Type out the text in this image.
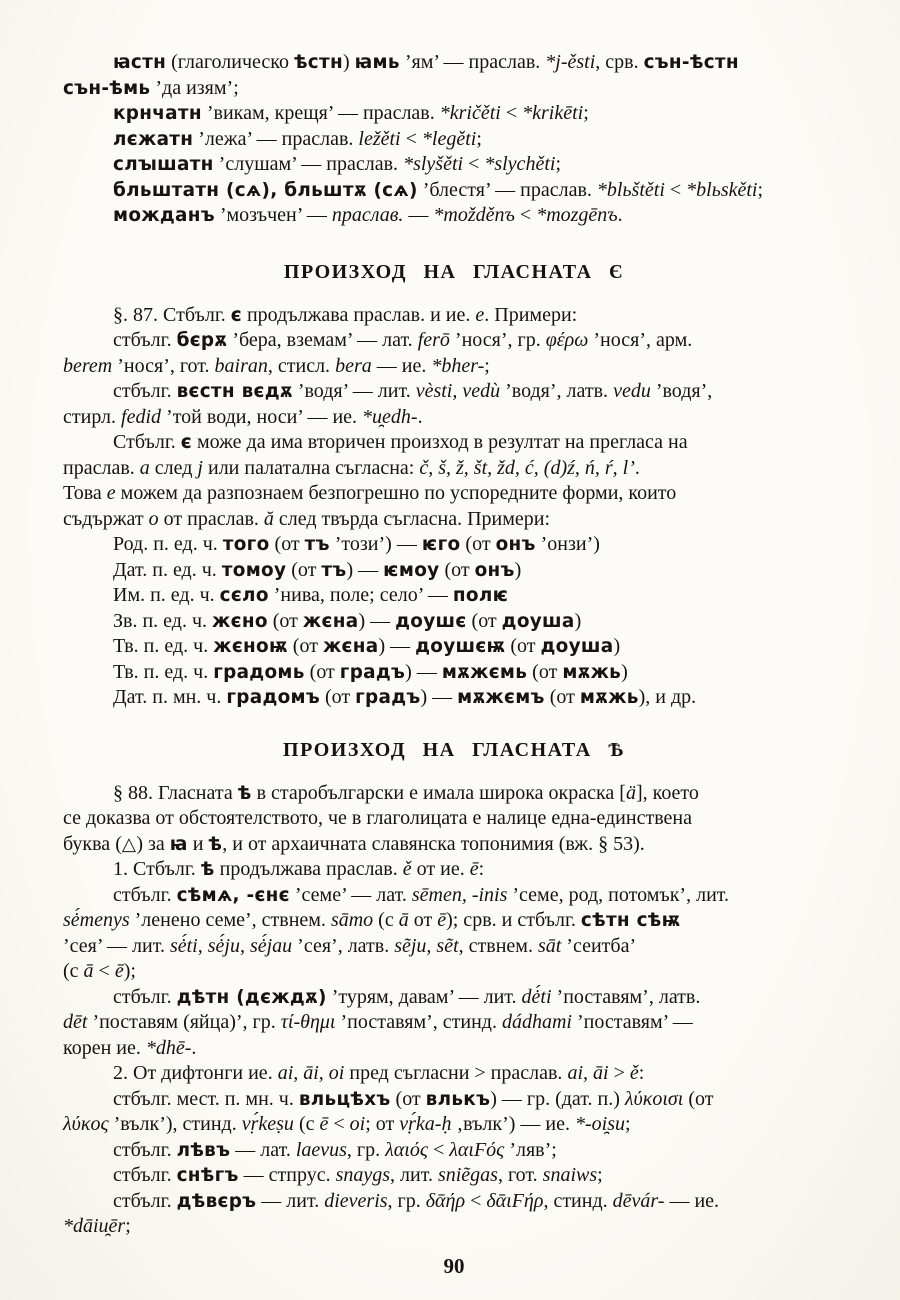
ꙗстн (глаголическо ѣстн) ꙗмь ’ям’ — праслав. *j-ěsti, срв. сън-ѣстн
сън-ѣмь ’да изям’;
крнчатн ’викам, крещя’ — праслав. *kričěti < *krikēti;
лєжатн ’лежа’ — праслав. ležěti < *legěti;
слꙑшатн ’слушам’ — праслав. *slyšěti < *slychěti;
бльштатн (сѧ), бльштѫ (сѧ) ’блестя’ — праслав. *blьštěti < *blьskěti;
можданъ ’мозъчен’ — праслав. — *možděnъ < *mozgēnъ.
ПРОИЗХОД НА ГЛАСНАТА Є
§. 87. Стбълг. є продължава праслав. и ие. e. Примери:
стбълг. бєрѫ ’бера, вземам’ — лат. ferō ’нося’, гр. φέρω ’нося’, арм.
berem ’нося’, гот. bairan, стисл. bera — ие. *bher-;
стбълг. вєстн вєдѫ ’водя’ — лит. vèsti, vedù ’водя’, латв. vedu ’водя’,
стирл. fedid ’той води, носи’ — ие. *u̯edh-.
Стбълг. є може да има вторичен произход в резултат на прегласа на
праслав. a след j или палатална съгласна: č, š, ž, št, žd, ć, (d)ź, ń, ŕ, l’.
Това e можем да разпознаем безпогрешно по успоредните форми, които
съдържат o от праслав. ă след твърда съгласна. Примери:
Род. п. ед. ч. того (от тъ ’този’) — ѥго (от онъ ’онзи’)
Дат. п. ед. ч. томоу (от тъ) — ѥмоу (от онъ)
Им. п. ед. ч. сєло ’нива, поле; село’ — полѥ
Зв. п. ед. ч. жєно (от жєна) — доушє (от доуша)
Тв. п. ед. ч. жєноѭ (от жєна) — доушєѭ (от доуша)
Тв. п. ед. ч. градомь (от градъ) — мѫжємь (от мѫжь)
Дат. п. мн. ч. градомъ (от градъ) — мѫжємъ (от мѫжь), и др.
ПРОИЗХОД НА ГЛАСНАТА Ѣ
§ 88. Гласната ѣ в старобългарски е имала широка окраска [ä], което
се доказва от обстоятелството, че в глаголицата е налице една-единствена
буква (△) за ꙗ и ѣ, и от архаичната славянска топонимия (вж. § 53).
1. Стбълг. ѣ продължава праслав. ě от ие. ē:
стбълг. сѣмѧ, -єнє ’семе’ — лат. sēmen, -inis ’семе, род, потомък’, лит.
sė́menys ’ленено семе’, ствнем. sāmo (с ā от ē); срв. и стбълг. сѣтн сѣѭ
’сея’ — лит. sė́ti, sė́ju, sė́jau ’сея’, латв. sẽju, sẽt, ствнем. sāt ’сеитба’
(с ā < ē);
стбълг. дѣтн (дєждѫ) ’турям, давам’ — лит. dė́ti ’поставям’, латв.
dēt ’поставям (яйца)’, гр. τί-θημι ’поставям’, стинд. dádhami ’поставям’ —
корен ие. *dhē-.
2. От дифтонги ие. ai, āi, oi пред съгласни > праслав. ai, āi > ě:
стбълг. мест. п. мн. ч. вльцѣхъ (от влькъ) — гр. (дат. п.) λύκοισι (от
λύκος ’вълк’), стинд. vṛ́keṣu (с ē < oi; от vṛ́ka-ḥ ‚вълк’) — ие. *-oi̯su;
стбълг. лѣвъ — лат. laevus, гр. λαιός < λαιϜός ’ляв’;
стбълг. снѣгъ — стпрус. snaygs, лит. sniẽgas, гот. snaiws;
стбълг. дѣвєръ — лит. dieveris, гр. δᾱήρ < δᾱιϜήρ, стинд. dēvár- — ие.
*dāiu̯ēr;
90
